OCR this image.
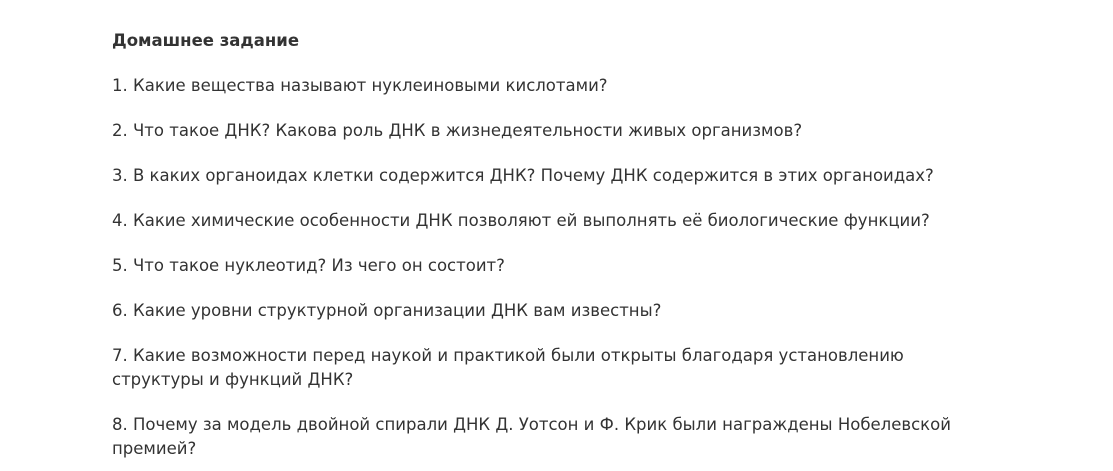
Домашнее задание
1. Какие вещества называют нуклеиновыми кислотами?
2. Что такое ДНК? Какова роль ДНК в жизнедеятельности живых организмов?
3. В каких органоидах клетки содержится ДНК? Почему ДНК содержится в этих органоидах?
4. Какие химические особенности ДНК позволяют ей выполнять её биологические функции?
5. Что такое нуклеотид? Из чего он состоит?
6. Какие уровни структурной организации ДНК вам известны?
7. Какие возможности перед наукой и практикой были открыты благодаря установлению структуры и функций ДНК?
8. Почему за модель двойной спирали ДНК Д. Уотсон и Ф. Крик были награждены Нобелевской премией?
